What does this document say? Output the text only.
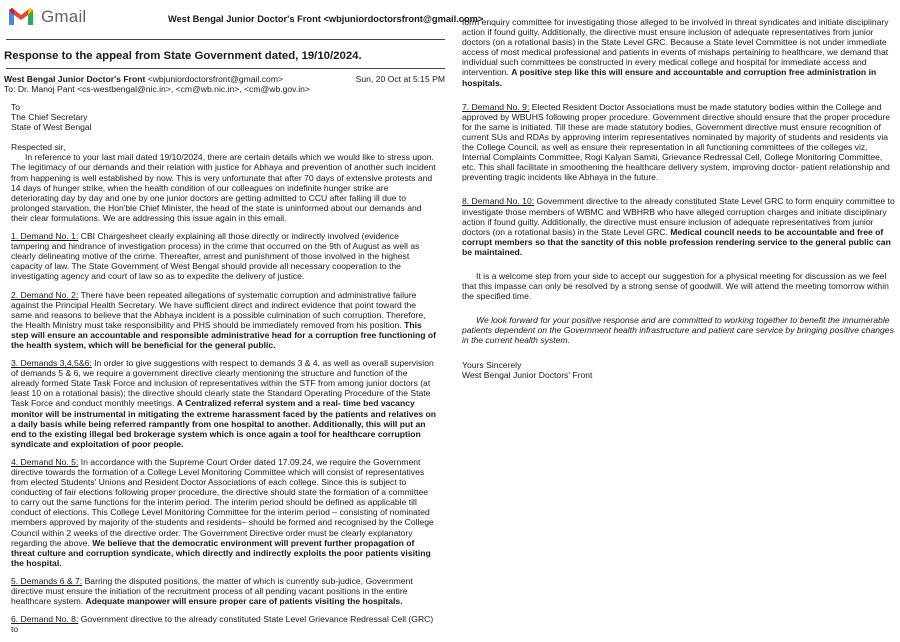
Gmail	West Bengal Junior Doctor's Front <wbjuniordoctorsfront@gmail.com>
Response to the appeal from State Government dated, 19/10/2024.
West Bengal Junior Doctor's Front <wbjuniordoctorsfront@gmail.com>	Sun, 20 Oct at 5:15 PM
To: Dr. Manoj Pant <cs-westbengal@nic.in>, <cm@wb.nic.in>, <cm@wb.gov.in>

To
The Chief Secretary
State of West Bengal

Respected sir,

In reference to your last mail dated 19/10/2024, there are certain details which we would like to stress upon. The legitimacy of our demands and their relation with justice for Abhaya and prevention of another such incident from happening is well established by now. This is very unfortunate that after 70 days of extensive protests and 14 days of hunger strike, when the health condition of our colleagues on indefinite hunger strike are deteriorating day by day and one by one junior doctors are getting admitted to CCU after falling ill due to prolonged starvation, the Hon'ble Chief Minister, the head of the state is uninformed about our demands and their clear formulations. We are addressing this issue again in this email.

1. Demand No. 1: CBI Chargesheet clearly explaining all those directly or indirectly involved (evidence tampering and hindrance of investigation process) in the crime that occurred on the 9th of August as well as clearly delineating motive of the crime. Thereafter, arrest and punishment of those involved in the highest capacity of law. The State Government of West Bengal should provide all necessary cooperation to the investigating agency and court of law so as to expedite the delivery of justice.

2. Demand No. 2: There have been repeated allegations of systematic corruption and administrative failure against the Principal Health Secretary. We have sufficient direct and indirect evidence that point toward the same and reasons to believe that the Abhaya incident is a possible culmination of such corruption. Therefore, the Health Ministry must take responsibility and PHS should be immediately removed from his position. This step will ensure an accountable and responsible administrative head for a corruption free functioning of the health system, which will be beneficial for the general public.

3. Demands 3,4,5&6: In order to give suggestions with respect to demands 3 & 4, as well as overall supervision of demands 5 & 6, we require a government directive clearly mentioning the structure and function of the already formed State Task Force and inclusion of representatives within the STF from among junior doctors (at least 10 on a rotational basis); the directive should clearly state the Standard Operating Procedure of the State Task Force and conduct monthly meetings. A Centralized referral system and a real- time bed vacancy monitor will be instrumental in mitigating the extreme harassment faced by the patients and relatives on a daily basis while being referred rampantly from one hospital to another. Additionally, this will put an end to the existing illegal bed brokerage system which is once again a tool for healthcare corruption syndicate and exploitation of poor people.

4. Demand No. 5: In accordance with the Supreme Court Order dated 17.09.24, we require the Government directive towards the formation of a College Level Monitoring Committee which will consist of representatives from elected Students' Unions and Resident Doctor Associations of each college. Since this is subject to conducting of fair elections following proper procedure, the directive should state the formation of a committee to carry out the same functions for the interim period. The interim period should be defined as applicable till conduct of elections. This College Level Monitoring Committee for the interim period – consisting of nominated members approved by majority of the students and residents– should be formed and recognised by the College Council within 2 weeks of the directive order. The Government Directive order must be clearly explanatory regarding the above. We believe that the democratic environment will prevent further propagation of threat culture and corruption syndicate, which directly and indirectly exploits the poor patients visiting the hospital.

5. Demands 6 & 7: Barring the disputed positions, the matter of which is currently sub-judice, Government directive must ensure the initiation of the recruitment process of all pending vacant positions in the entire healthcare system. Adequate manpower will ensure proper care of patients visiting the hospitals.

6. Demand No. 8: Government directive to the already constituted State Level Grievance Redressal Cell (GRC) to

form enquiry committee for investigating those alleged to be involved in threat syndicates and initiate disciplinary action if found guilty. Additionally, the directive must ensure inclusion of adequate representatives from junior doctors (on a rotational basis) in the State Level GRC. Because a State level Committee is not under immediate access of most medical professional and patients in events of mishaps pertaining to healthcare, we demand that individual such committees be constructed in every medical college and hospital for immediate access and intervention. A positive step like this will ensure and accountable and corruption free administration in hospitals.

7. Demand No. 9: Elected Resident Doctor Associations must be made statutory bodies within the College and approved by WBUHS following proper procedure. Government directive should ensure that the proper procedure for the same is initiated. Till these are made statutory bodies, Government directive must ensure recognition of current SUs and RDAs by approving interim representatives nominated by majority of students and residents via the College Council, as well as ensure their representation in all functioning committees of the colleges viz. Internal Complaints Committee, Rogi Kalyan Samiti, Grievance Redressal Cell, College Monitoring Committee, etc. This shall facilitate in smoothening the healthcare delivery system, improving doctor- patient relationship and preventing tragic incidents like Abhaya in the future.

8. Demand No. 10: Government directive to the already constituted State Level GRC to form enquiry committee to investigate those members of WBMC and WBHRB who have alleged corruption charges and initiate disciplinary action if found guilty. Additionally, the directive must ensure inclusion of adequate representatives from junior doctors (on a rotational basis) in the State Level GRC. Medical council needs to be accountable and free of corrupt members so that the sanctity of this noble profession rendering service to the general public can be maintained.

It is a welcome step from your side to accept our suggestion for a physical meeting for discussion as we feel that this impasse can only be resolved by a strong sense of goodwill. We will attend the meeting tomorrow within the specified time.

We look forward for your positive response and are committed to working together to benefit the innumerable patients dependent on the Government health infrastructure and patient care service by bringing positive changes in the current health system.

Yours Sincerely
West Bengal Junior Doctors' Front
